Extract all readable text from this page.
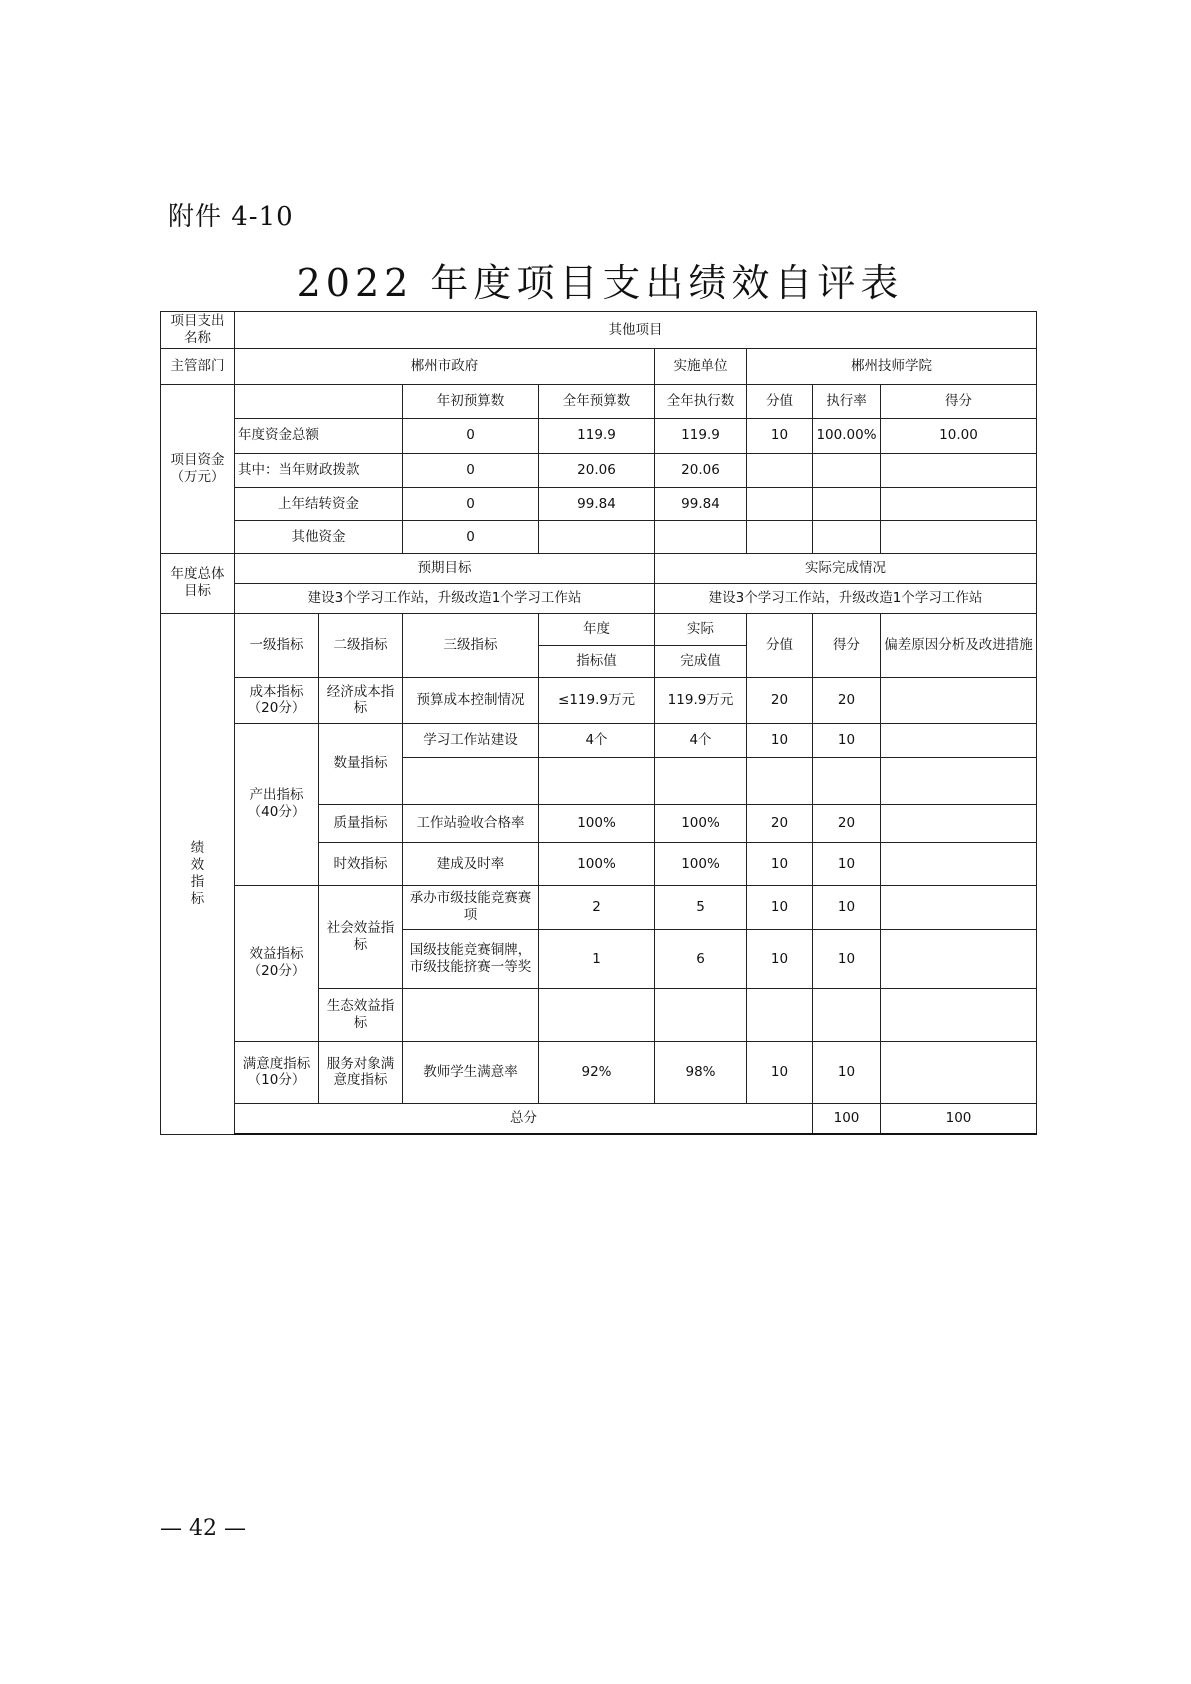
附件 4-10
2022 年度项目支出绩效自评表
项目支出名称	其他项目								
主管部门	郴州市政府				实施单位	郴州技师学院			
项目资金（万元）			年初预算数	全年预算数	全年执行数	分值	执行率	得分	
	年度资金总额		0	119.9	119.9	10	100.00%	10.00	
	其中：当年财政拨款		0	20.06	20.06				
	上年结转资金		0	99.84	99.84				
	其他资金		0						
年度总体目标	预期目标				实际完成情况				
	建设3个学习工作站，升级改造1个学习工作站				建设3个学习工作站，升级改造1个学习工作站				
绩效指标	一级指标	二级指标	三级指标	年度	实际	分值	得分	偏差原因分析及改进措施	
				指标值	完成值				
	成本指标（20分）	经济成本指标	预算成本控制情况	≤119.9万元	119.9万元	20	20		
	产出指标（40分）	数量指标	学习工作站建设	4个	4个	10	10		

		质量指标	工作站验收合格率	100%	100%	20	20		
		时效指标	建成及时率	100%	100%	10	10		
	效益指标（20分）	社会效益指标	承办市级技能竞赛赛项	2	5	10	10		
			国级技能竞赛铜牌，市级技能挤赛一等奖	1	6	10	10		
		生态效益指标							
	满意度指标（10分）	服务对象满意度指标	教师学生满意率	92%	98%	10	10		
	总分						100	100	
— 42 —
